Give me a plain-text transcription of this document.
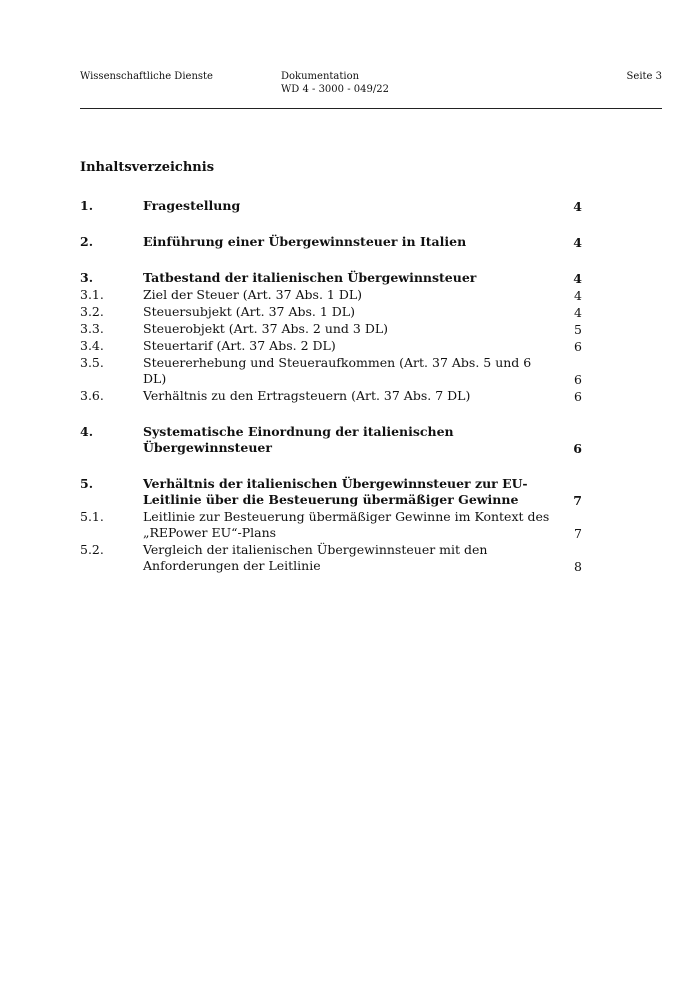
Wissenschaftliche Dienste	Dokumentation
WD 4 - 3000 - 049/22
Seite 3
Inhaltsverzeichnis
1.	Fragestellung	4
2.	Einführung einer Übergewinnsteuer in Italien	4
3.	Tatbestand der italienischen Übergewinnsteuer	4
3.1.	Ziel der Steuer (Art. 37 Abs. 1 DL)	4
3.2.	Steuersubjekt (Art. 37 Abs. 1 DL)	4
3.3.	Steuerobjekt (Art. 37 Abs. 2 und 3 DL)	5
3.4.	Steuertarif (Art. 37 Abs. 2 DL)	6
3.5.	Steuererhebung und Steueraufkommen (Art. 37 Abs. 5 und 6 DL)	6
3.6.	Verhältnis zu den Ertragsteuern (Art. 37 Abs. 7 DL)	6
4.	Systematische Einordnung der italienischen
Übergewinnsteuer	6
5.	Verhältnis der italienischen Übergewinnsteuer zur EU-
Leitlinie über die Besteuerung übermäßiger Gewinne	7
5.1.	Leitlinie zur Besteuerung übermäßiger Gewinne im Kontext des
„REPower EU“-Plans	7
5.2.	Vergleich der italienischen Übergewinnsteuer mit den
Anforderungen der Leitlinie	8
